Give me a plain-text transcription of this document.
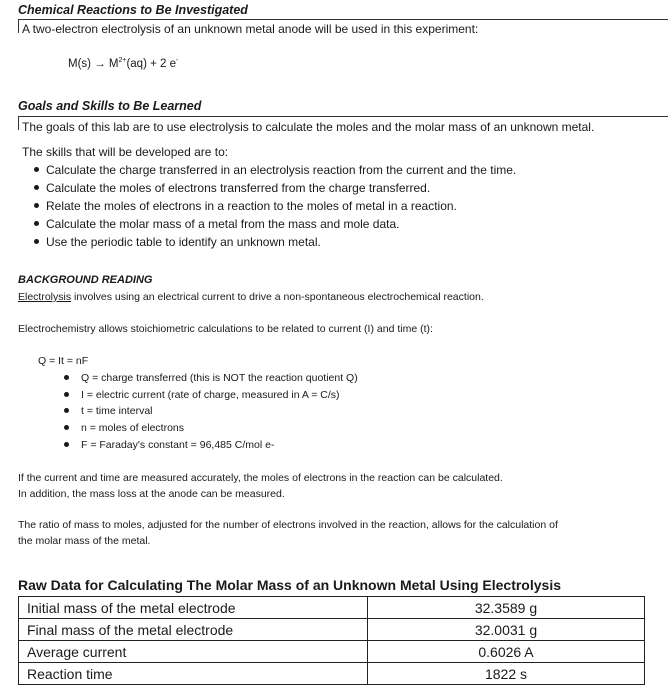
Chemical Reactions to Be Investigated
A two-electron electrolysis of an unknown metal anode will be used in this experiment:
$M(s) \to M^{2+}(aq) + 2$ e-
Goals and Skills to Be Learned
The goals of this lab are to use electrolysis to calculate the moles and the molar mass of an unknown metal.
The skills that will be developed are to:
Calculate the charge transferred in an electrolysis reaction from the current and the time.
Calculate the moles of electrons transferred from the charge transferred.
Relate the moles of electrons in a reaction to the moles of metal in a reaction.
Calculate the molar mass of a metal from the mass and mole data.
Use the periodic table to identify an unknown metal.
BACKGROUND READING
Electrolysis involves using an electrical current to drive a non-spontaneous electrochemical reaction.
Electrochemistry allows stoichiometric calculations to be related to current (I) and time (t):
Q = It = nF
Q = charge transferred (this is NOT the reaction quotient Q)
I = electric current (rate of charge, measured in A = C/s)
t = time interval
n = moles of electrons
F = Faraday's constant = 96,485 C/mol e-
If the current and time are measured accurately, the moles of electrons in the reaction can be calculated.
In addition, the mass loss at the anode can be measured.
The ratio of mass to moles, adjusted for the number of electrons involved in the reaction, allows for the calculation of
the molar mass of the metal.
Raw Data for Calculating The Molar Mass of an Unknown Metal Using Electrolysis
Initial mass of the metal electrode	32.3589 g
Final mass of the metal electrode	32.0031 g
Average current	0.6026 A
Reaction time	1822 s
